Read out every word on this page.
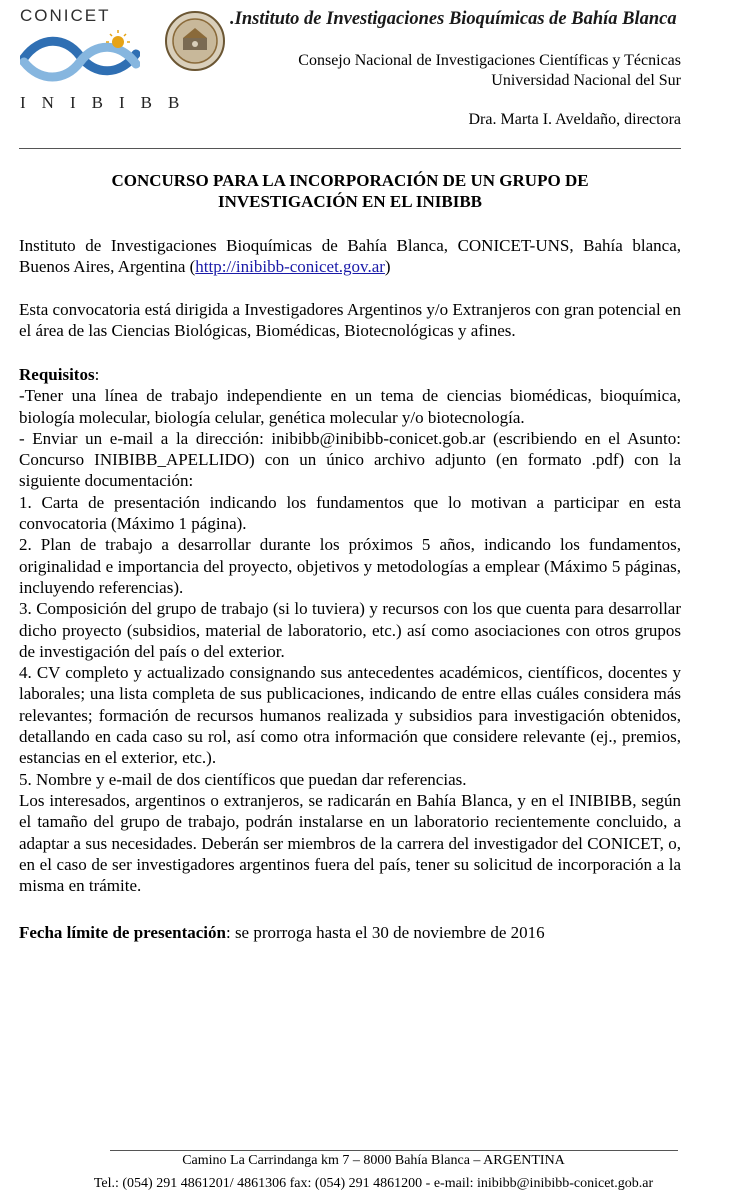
CONICET
INIBIBB
.Instituto de Investigaciones Bioquímicas de Bahía Blanca
Consejo Nacional de Investigaciones Científicas y Técnicas
Universidad Nacional del Sur
Dra. Marta I. Aveldaño, directora
CONCURSO PARA LA INCORPORACIÓN DE UN GRUPO DE
INVESTIGACIÓN EN EL INIBIBB
Instituto de Investigaciones Bioquímicas de Bahía Blanca, CONICET-UNS, Bahía blanca, Buenos Aires, Argentina (http://inibibb-conicet.gov.ar)
Esta convocatoria está dirigida a Investigadores Argentinos y/o Extranjeros con gran potencial en el área de las Ciencias Biológicas, Biomédicas, Biotecnológicas y afines.
Requisitos:
-Tener una línea de trabajo independiente en un tema de ciencias biomédicas, bioquímica, biología molecular, biología celular, genética molecular y/o biotecnología.
- Enviar un e-mail a la dirección: inibibb@inibibb-conicet.gob.ar (escribiendo en el Asunto: Concurso INIBIBB_APELLIDO) con un único archivo adjunto (en formato .pdf) con la siguiente documentación:
1. Carta de presentación indicando los fundamentos que lo motivan a participar en esta convocatoria (Máximo 1 página).
2. Plan de trabajo a desarrollar durante los próximos 5 años, indicando los fundamentos, originalidad e importancia del proyecto, objetivos y metodologías a emplear (Máximo 5 páginas, incluyendo referencias).
3. Composición del grupo de trabajo (si lo tuviera) y recursos con los que cuenta para desarrollar dicho proyecto (subsidios, material de laboratorio, etc.) así como asociaciones con otros grupos de investigación del país o del exterior.
4. CV completo y actualizado consignando sus antecedentes académicos, científicos, docentes y laborales; una lista completa de sus publicaciones, indicando de entre ellas cuáles considera más relevantes; formación de recursos humanos realizada y subsidios para investigación obtenidos, detallando en cada caso su rol, así como otra información que considere relevante (ej., premios, estancias en el exterior, etc.).
5. Nombre y e-mail de dos científicos que puedan dar referencias.
Los interesados, argentinos o extranjeros, se radicarán en Bahía Blanca, y en el INIBIBB, según el tamaño del grupo de trabajo, podrán instalarse en un laboratorio recientemente concluido, a adaptar a sus necesidades. Deberán ser miembros de la carrera del investigador del CONICET, o, en el caso de ser investigadores argentinos fuera del país, tener su solicitud de incorporación a la misma en trámite.
Fecha límite de presentación: se prorroga hasta el 30 de noviembre de 2016
Camino La Carrindanga km 7 – 8000 Bahía Blanca – ARGENTINA
Tel.: (054) 291 4861201/ 4861306 fax: (054) 291 4861200 - e-mail: inibibb@inibibb-conicet.gob.ar
